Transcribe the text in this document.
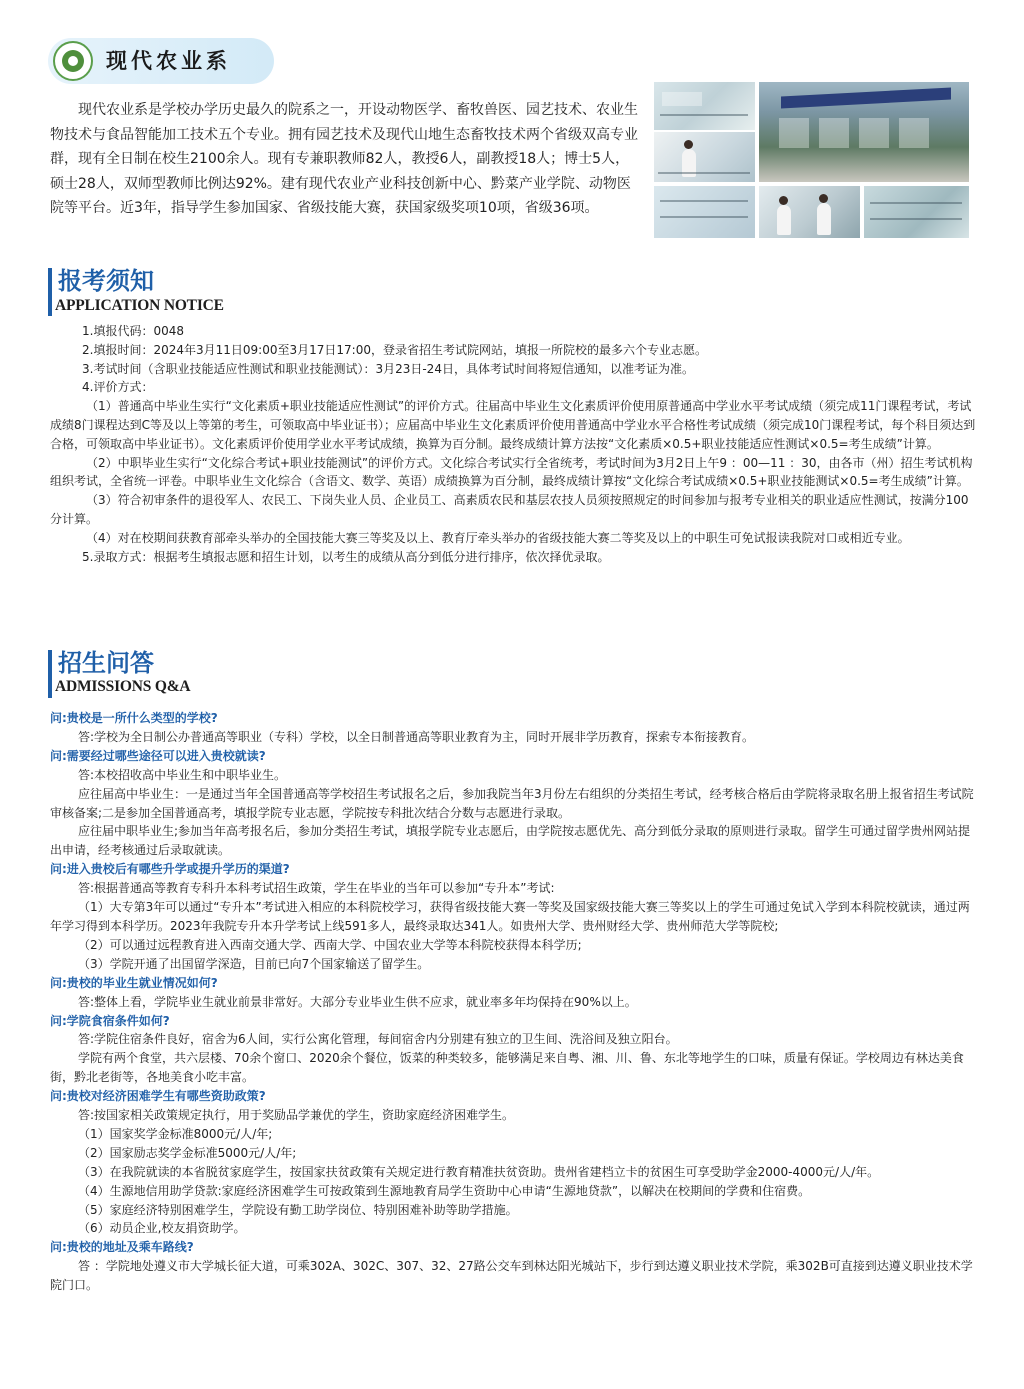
现代农业系
现代农业系是学校办学历史最久的院系之一，开设动物医学、畜牧兽医、园艺技术、农业生物技术与食品智能加工技术五个专业。拥有园艺技术及现代山地生态畜牧技术两个省级双高专业群，现有全日制在校生2100余人。现有专兼职教师82人，教授6人，副教授18人；博士5人，硕士28人，双师型教师比例达92%。建有现代农业产业科技创新中心、黔菜产业学院、动物医院等平台。近3年，指导学生参加国家、省级技能大赛，获国家级奖项10项，省级36项。
报考须知
APPLICATION NOTICE

1.填报代码：0048

2.填报时间：2024年3月11日09:00至3月17日17:00，登录省招生考试院网站，填报一所院校的最多六个专业志愿。

3.考试时间（含职业技能适应性测试和职业技能测试）：3月23日-24日，具体考试时间将短信通知，以准考证为准。

4.评价方式：

（1）普通高中毕业生实行“文化素质+职业技能适应性测试”的评价方式。往届高中毕业生文化素质评价使用原普通高中学业水平考试成绩（须完成11门课程考试，考试成绩8门课程达到C等及以上等第的考生，可领取高中毕业证书）；应届高中毕业生文化素质评价使用普通高中学业水平合格性考试成绩（须完成10门课程考试，每个科目须达到合格，可领取高中毕业证书）。文化素质评价使用学业水平考试成绩，换算为百分制。最终成绩计算方法按“文化素质×0.5+职业技能适应性测试×0.5=考生成绩”计算。

（2）中职毕业生实行“文化综合考试+职业技能测试”的评价方式。文化综合考试实行全省统考，考试时间为3月2日上午9 ：00—11 ：30，由各市（州）招生考试机构组织考试，全省统一评卷。中职毕业生文化综合（含语文、数学、英语）成绩换算为百分制，最终成绩计算按“文化综合考试成绩×0.5+职业技能测试×0.5=考生成绩”计算。

（3）符合初审条件的退役军人、农民工、下岗失业人员、企业员工、高素质农民和基层农技人员须按照规定的时间参加与报考专业相关的职业适应性测试，按满分100分计算。

（4）对在校期间获教育部牵头举办的全国技能大赛三等奖及以上、教育厅牵头举办的省级技能大赛二等奖及以上的中职生可免试报读我院对口或相近专业。

5.录取方式：根据考生填报志愿和招生计划，以考生的成绩从高分到低分进行排序，依次择优录取。

招生问答
ADMISSIONS Q&A

问:贵校是一所什么类型的学校?

答:学校为全日制公办普通高等职业（专科）学校，以全日制普通高等职业教育为主，同时开展非学历教育，探索专本衔接教育。

问:需要经过哪些途径可以进入贵校就读?

答:本校招收高中毕业生和中职毕业生。

应往届高中毕业生：一是通过当年全国普通高等学校招生考试报名之后，参加我院当年3月份左右组织的分类招生考试，经考核合格后由学院将录取名册上报省招生考试院审核备案;二是参加全国普通高考，填报学院专业志愿，学院按专科批次结合分数与志愿进行录取。

应往届中职毕业生;参加当年高考报名后，参加分类招生考试，填报学院专业志愿后，由学院按志愿优先、高分到低分录取的原则进行录取。留学生可通过留学贵州网站提出申请，经考核通过后录取就读。

问:进入贵校后有哪些升学或提升学历的渠道?

答:根据普通高等教育专科升本科考试招生政策，学生在毕业的当年可以参加“专升本”考试:

（1）大专第3年可以通过“专升本”考试进入相应的本科院校学习，获得省级技能大赛一等奖及国家级技能大赛三等奖以上的学生可通过免试入学到本科院校就读，通过两年学习得到本科学历。2023年我院专升本升学考试上线591多人，最终录取达341人。如贵州大学、贵州财经大学、贵州师范大学等院校;

（2）可以通过远程教育进入西南交通大学、西南大学、中国农业大学等本科院校获得本科学历;

（3）学院开通了出国留学深造，目前已向7个国家输送了留学生。

问:贵校的毕业生就业情况如何?

答:整体上看，学院毕业生就业前景非常好。大部分专业毕业生供不应求，就业率多年均保持在90%以上。

问:学院食宿条件如何?

答:学院住宿条件良好，宿舍为6人间，实行公寓化管理，每间宿舍内分别建有独立的卫生间、洗浴间及独立阳台。

学院有两个食堂，共六层楼、70余个窗口、2020余个餐位，饭菜的种类较多，能够满足来自粤、湘、川、鲁、东北等地学生的口味，质量有保证。学校周边有林达美食街，黔北老街等，各地美食小吃丰富。

问:贵校对经济困难学生有哪些资助政策?

答:按国家相关政策规定执行，用于奖励品学兼优的学生，资助家庭经济困难学生。

（1）国家奖学金标准8000元/人/年;

（2）国家励志奖学金标准5000元/人/年;

（3）在我院就读的本省脱贫家庭学生，按国家扶贫政策有关规定进行教育精准扶贫资助。贵州省建档立卡的贫困生可享受助学金2000-4000元/人/年。

（4）生源地信用助学贷款:家庭经济困难学生可按政策到生源地教育局学生资助中心申请“生源地贷款”，以解决在校期间的学费和住宿费。

（5）家庭经济特别困难学生，学院设有勤工助学岗位、特别困难补助等助学措施。

（6）动员企业,校友捐资助学。

问:贵校的地址及乘车路线?

答 ：学院地处遵义市大学城长征大道，可乘302A、302C、307、32、27路公交车到林达阳光城站下，步行到达遵义职业技术学院，乘302B可直接到达遵义职业技术学院门口。
